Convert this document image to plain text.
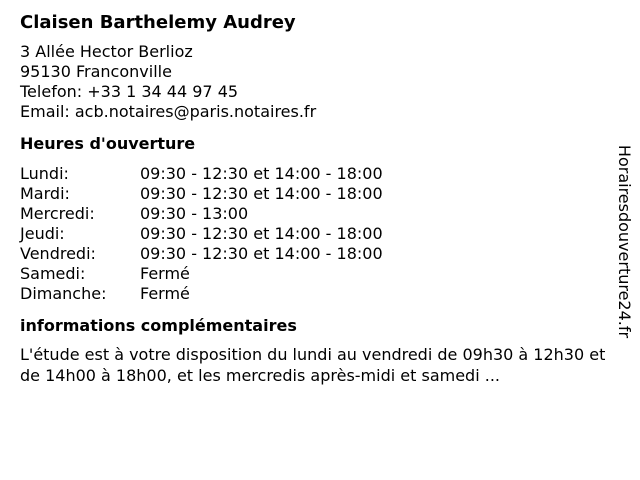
Claisen Barthelemy Audrey
3 Allée Hector Berlioz
95130 Franconville
Telefon: +33 1 34 44 97 45
Email: acb.notaires@paris.notaires.fr
Heures d'ouverture
Lundi:	09:30 - 12:30 et 14:00 - 18:00
Mardi:	09:30 - 12:30 et 14:00 - 18:00
Mercredi:	09:30 - 13:00
Jeudi:	09:30 - 12:30 et 14:00 - 18:00
Vendredi:	09:30 - 12:30 et 14:00 - 18:00
Samedi:	Fermé
Dimanche:	Fermé
informations complémentaires
L'étude est à votre disposition du lundi au vendredi de 09h30 à 12h30 et de 14h00 à 18h00, et les mercredis après-midi et samedi ...
Horairesdouverture24.fr
